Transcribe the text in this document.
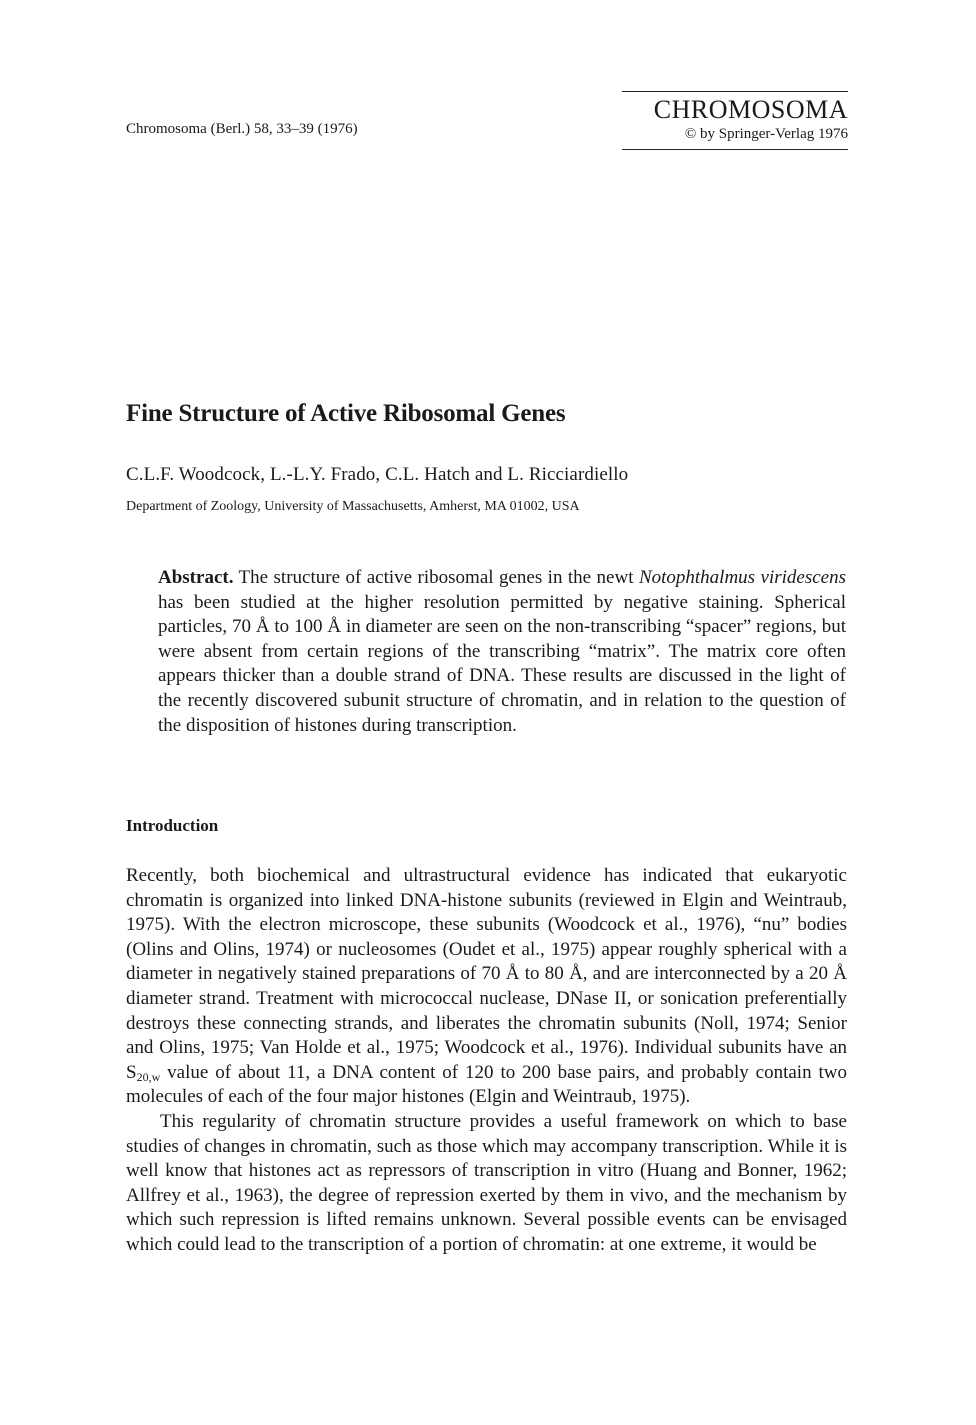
Chromosoma (Berl.) 58, 33–39 (1976)
CHROMOSOMA
© by Springer-Verlag 1976
Fine Structure of Active Ribosomal Genes
C.L.F. Woodcock, L.-L.Y. Frado, C.L. Hatch and L. Ricciardiello
Department of Zoology, University of Massachusetts, Amherst, MA 01002, USA
Abstract. The structure of active ribosomal genes in the newt Notophthalmus viridescens has been studied at the higher resolution permitted by negative staining. Spherical particles, 70 Å to 100 Å in diameter are seen on the non-transcribing “spacer” regions, but were absent from certain regions of the transcribing “matrix”. The matrix core often appears thicker than a double strand of DNA. These results are discussed in the light of the recently discovered subunit structure of chromatin, and in relation to the question of the disposition of histones during transcription.
Introduction

Recently, both biochemical and ultrastructural evidence has indicated that eukaryotic chromatin is organized into linked DNA-histone subunits (reviewed in Elgin and Weintraub, 1975). With the electron microscope, these subunits (Woodcock et al., 1976), “nu” bodies (Olins and Olins, 1974) or nucleosomes (Oudet et al., 1975) appear roughly spherical with a diameter in negatively stained preparations of 70 Å to 80 Å, and are interconnected by a 20 Å diameter strand. Treatment with micrococcal nuclease, DNase II, or sonication preferentially destroys these connecting strands, and liberates the chromatin subunits (Noll, 1974; Senior and Olins, 1975; Van Holde et al., 1975; Woodcock et al., 1976). Individual subunits have an $S_{20,w}$ value of about 11, a DNA content of 120 to 200 base pairs, and probably contain two molecules of each of the four major histones (Elgin and Weintraub, 1975).

This regularity of chromatin structure provides a useful framework on which to base studies of changes in chromatin, such as those which may accompany transcription. While it is well know that histones act as repressors of transcription in vitro (Huang and Bonner, 1962; Allfrey et al., 1963), the degree of repression exerted by them in vivo, and the mechanism by which such repression is lifted remains unknown. Several possible events can be envisaged which could lead to the transcription of a portion of chromatin: at one extreme, it would be
